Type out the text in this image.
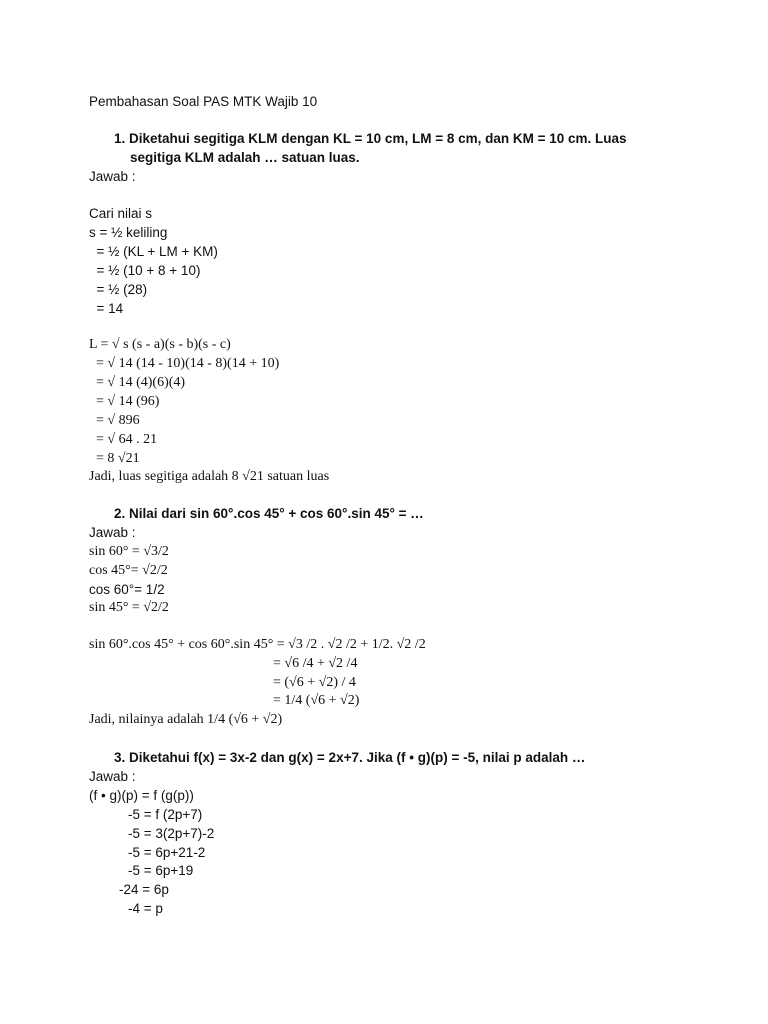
Pembahasan Soal PAS MTK Wajib 10
1. Diketahui segitiga KLM dengan KL = 10 cm, LM = 8 cm, dan KM = 10 cm. Luas
segitiga KLM adalah … satuan luas.
Jawab :
Cari nilai s
s = ½ keliling
= ½ (KL + LM + KM)
= ½ (10 + 8 + 10)
= ½ (28)
= 14
L = √ s (s - a)(s - b)(s - c)
= √ 14 (14 - 10)(14 - 8)(14 + 10)
= √ 14 (4)(6)(4)
= √ 14 (96)
= √ 896
= √ 64 . 21
= 8 √21
Jadi, luas segitiga adalah 8 √21 satuan luas
2. Nilai dari sin 60°.cos 45° + cos 60°.sin 45° = …
Jawab :
sin 60° = √3/2
cos 45°= √2/2
cos 60°= 1/2
sin 45° = √2/2
sin 60°.cos 45° + cos 60°.sin 45° = √3 /2 . √2 /2 + 1/2. √2 /2
= √6 /4 + √2 /4
= (√6 + √2) / 4
= 1/4 (√6 + √2)
Jadi, nilainya adalah 1/4 (√6 + √2)
3. Diketahui f(x) = 3x-2 dan g(x) = 2x+7. Jika (f • g)(p) = -5, nilai p adalah …
Jawab :
(f • g)(p) = f (g(p))
-5 = f (2p+7)
-5 = 3(2p+7)-2
-5 = 6p+21-2
-5 = 6p+19
-24 = 6p
-4 = p
